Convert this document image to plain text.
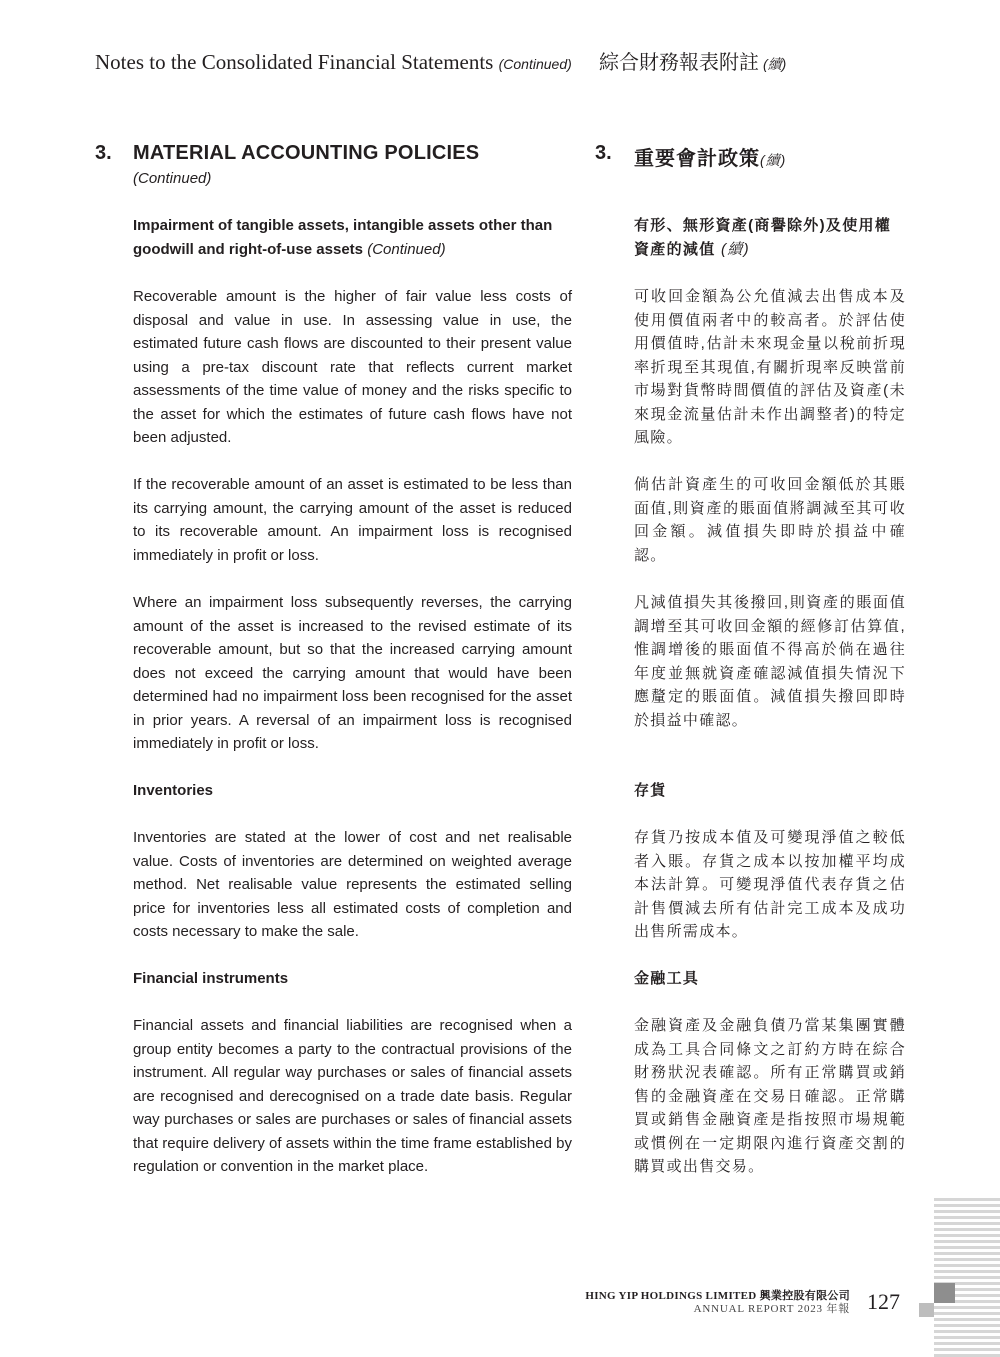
Notes to the Consolidated Financial Statements (Continued) 綜合財務報表附註 (續)
3. MATERIAL ACCOUNTING POLICIES
(Continued)
3. 重要會計政策(續)
Impairment of tangible assets, intangible assets other than goodwill and right-of-use assets (Continued)
有形、無形資產(商譽除外)及使用權資產的減值 (續)
Recoverable amount is the higher of fair value less costs of disposal and value in use. In assessing value in use, the estimated future cash flows are discounted to their present value using a pre-tax discount rate that reflects current market assessments of the time value of money and the risks specific to the asset for which the estimates of future cash flows have not been adjusted.
可收回金額為公允值減去出售成本及使用價值兩者中的較高者。於評估使用價值時,估計未來現金量以稅前折現率折現至其現值,有關折現率反映當前市場對貨幣時間價值的評估及資產(未來現金流量估計未作出調整者)的特定風險。
If the recoverable amount of an asset is estimated to be less than its carrying amount, the carrying amount of the asset is reduced to its recoverable amount. An impairment loss is recognised immediately in profit or loss.
倘估計資產生的可收回金額低於其賬面值,則資產的賬面值將調減至其可收回金額。減值損失即時於損益中確認。
Where an impairment loss subsequently reverses, the carrying amount of the asset is increased to the revised estimate of its recoverable amount, but so that the increased carrying amount does not exceed the carrying amount that would have been determined had no impairment loss been recognised for the asset in prior years. A reversal of an impairment loss is recognised immediately in profit or loss.
凡減值損失其後撥回,則資產的賬面值調增至其可收回金額的經修訂估算值,惟調增後的賬面值不得高於倘在過往年度並無就資產確認減值損失情況下應釐定的賬面值。減值損失撥回即時於損益中確認。
Inventories	存貨
Inventories are stated at the lower of cost and net realisable value. Costs of inventories are determined on weighted average method. Net realisable value represents the estimated selling price for inventories less all estimated costs of completion and costs necessary to make the sale.
存貨乃按成本值及可變現淨值之較低者入賬。存貨之成本以按加權平均成本法計算。可變現淨值代表存貨之估計售價減去所有估計完工成本及成功出售所需成本。
Financial instruments	金融工具
Financial assets and financial liabilities are recognised when a group entity becomes a party to the contractual provisions of the instrument. All regular way purchases or sales of financial assets are recognised and derecognised on a trade date basis. Regular way purchases or sales are purchases or sales of financial assets that require delivery of assets within the time frame established by regulation or convention in the market place.
金融資產及金融負債乃當某集團實體成為工具合同條文之訂約方時在綜合財務狀況表確認。所有正常購買或銷售的金融資產在交易日確認。正常購買或銷售金融資產是指按照市場規範或慣例在一定期限內進行資產交割的購買或出售交易。
HING YIP HOLDINGS LIMITED 興業控股有限公司
ANNUAL REPORT 2023 年報 127
